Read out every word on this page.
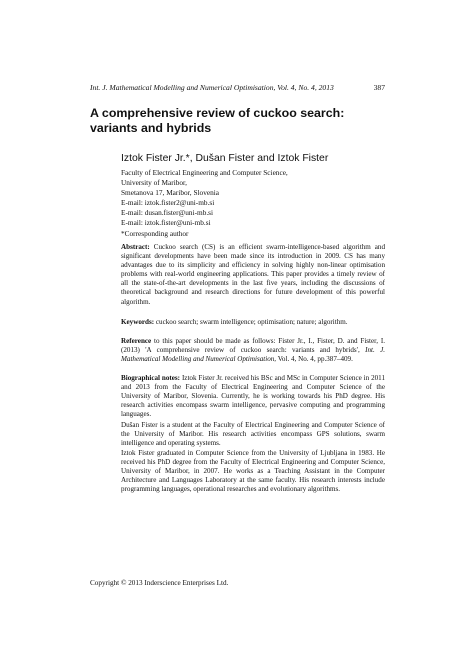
Int. J. Mathematical Modelling and Numerical Optimisation, Vol. 4, No. 4, 2013	387
A comprehensive review of cuckoo search:
variants and hybrids
Iztok Fister Jr.*, Dušan Fister and Iztok Fister
Faculty of Electrical Engineering and Computer Science,
University of Maribor,
Smetanova 17, Maribor, Slovenia
E-mail: iztok.fister2@uni-mb.si
E-mail: dusan.fister@uni-mb.si
E-mail: iztok.fister@uni-mb.si
*Corresponding author
Abstract: Cuckoo search (CS) is an efficient swarm-intelligence-based algorithm and significant developments have been made since its introduction in 2009. CS has many advantages due to its simplicity and efficiency in solving highly non-linear optimisation problems with real-world engineering applications. This paper provides a timely review of all the state-of-the-art developments in the last five years, including the discussions of theoretical background and research directions for future development of this powerful algorithm.
Keywords: cuckoo search; swarm intelligence; optimisation; nature; algorithm.
Reference to this paper should be made as follows: Fister Jr., I., Fister, D. and Fister, I. (2013) 'A comprehensive review of cuckoo search: variants and hybrids', Int. J. Mathematical Modelling and Numerical Optimisation, Vol. 4, No. 4, pp.387–409.
Biographical notes: Iztok Fister Jr. received his BSc and MSc in Computer Science in 2011 and 2013 from the Faculty of Electrical Engineering and Computer Science of the University of Maribor, Slovenia. Currently, he is working towards his PhD degree. His research activities encompass swarm intelligence, pervasive computing and programming languages.
Dušan Fister is a student at the Faculty of Electrical Engineering and Computer Science of the University of Maribor. His research activities encompass GPS solutions, swarm intelligence and operating systems.
Iztok Fister graduated in Computer Science from the University of Ljubljana in 1983. He received his PhD degree from the Faculty of Electrical Engineering and Computer Science, University of Maribor, in 2007. He works as a Teaching Assistant in the Computer Architecture and Languages Laboratory at the same faculty. His research interests include programming languages, operational researches and evolutionary algorithms.
Copyright © 2013 Inderscience Enterprises Ltd.
